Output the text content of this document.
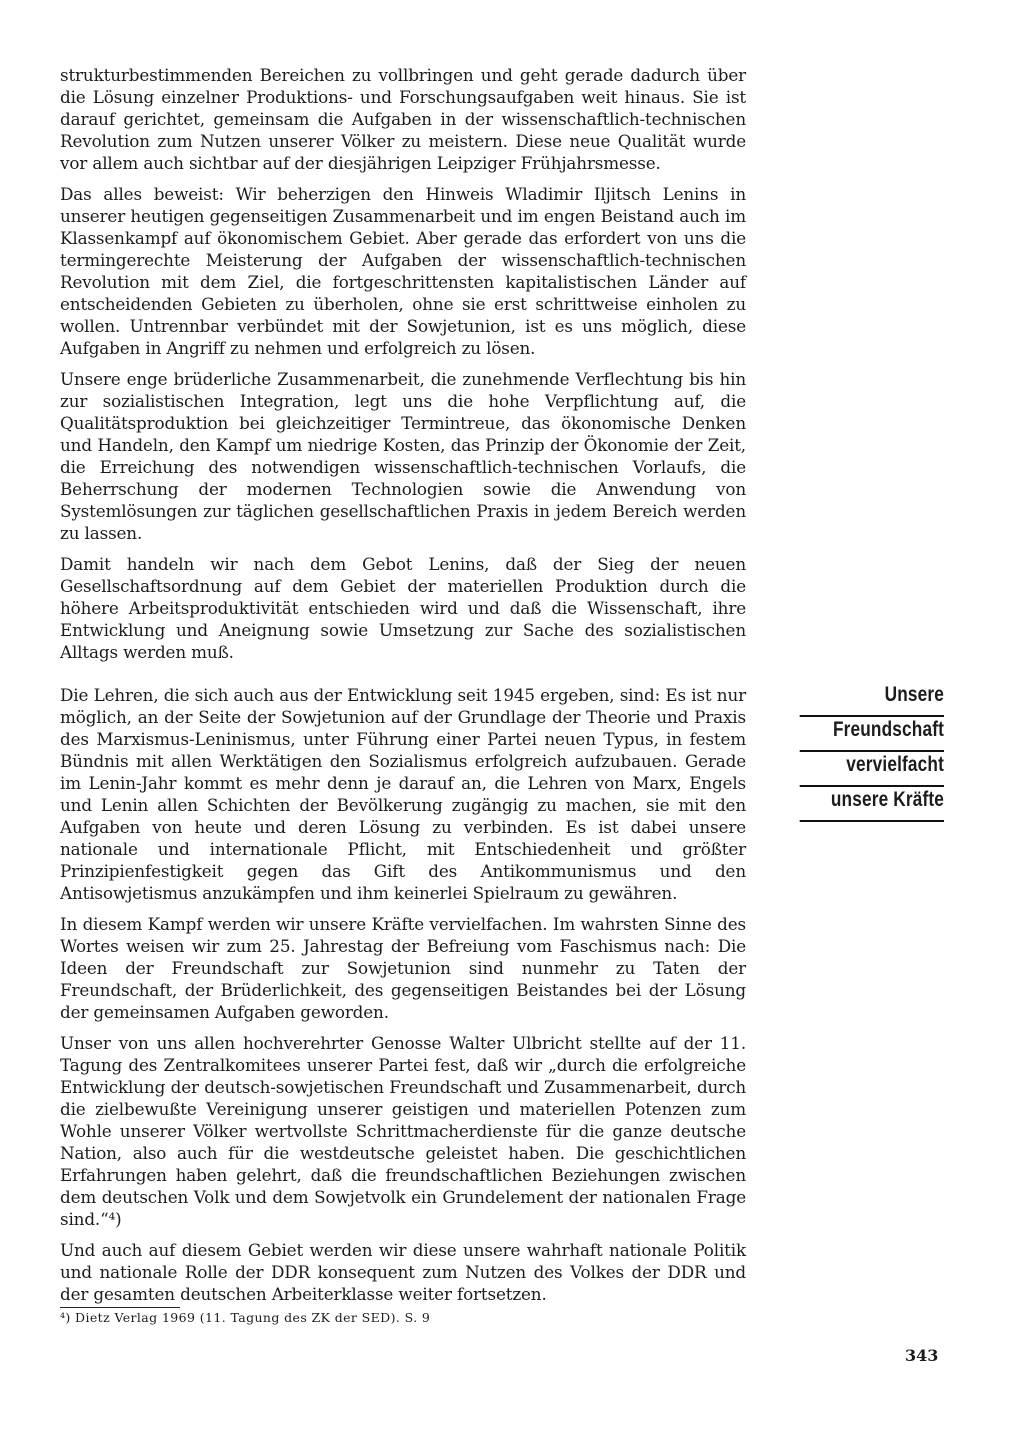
strukturbestimmenden Bereichen zu vollbringen und geht gerade dadurch über die Lösung einzelner Produktions- und Forschungsaufgaben weit hinaus. Sie ist darauf gerichtet, gemeinsam die Aufgaben in der wissenschaftlich-technischen Revolution zum Nutzen unserer Völker zu meistern. Diese neue Qualität wurde vor allem auch sichtbar auf der diesjährigen Leipziger Frühjahrsmesse.

Das alles beweist: Wir beherzigen den Hinweis Wladimir Iljitsch Lenins in unserer heutigen gegenseitigen Zusammenarbeit und im engen Beistand auch im Klassenkampf auf ökonomischem Gebiet. Aber gerade das erfordert von uns die termingerechte Meisterung der Aufgaben der wissenschaftlich-technischen Revolution mit dem Ziel, die fortgeschrittensten kapitalistischen Länder auf entscheidenden Gebieten zu überholen, ohne sie erst schrittweise einholen zu wollen. Untrennbar verbündet mit der Sowjetunion, ist es uns möglich, diese Aufgaben in Angriff zu nehmen und erfolgreich zu lösen.

Unsere enge brüderliche Zusammenarbeit, die zunehmende Verflechtung bis hin zur sozialistischen Integration, legt uns die hohe Verpflichtung auf, die Qualitätsproduktion bei gleichzeitiger Termintreue, das ökonomische Denken und Handeln, den Kampf um niedrige Kosten, das Prinzip der Ökonomie der Zeit, die Erreichung des notwendigen wissenschaftlich-technischen Vorlaufs, die Beherrschung der modernen Technologien sowie die Anwendung von Systemlösungen zur täglichen gesellschaftlichen Praxis in jedem Bereich werden zu lassen.

Damit handeln wir nach dem Gebot Lenins, daß der Sieg der neuen Gesellschaftsordnung auf dem Gebiet der materiellen Produktion durch die höhere Arbeitsproduktivität entschieden wird und daß die Wissenschaft, ihre Entwicklung und Aneignung sowie Umsetzung zur Sache des sozialistischen Alltags werden muß.

Die Lehren, die sich auch aus der Entwicklung seit 1945 ergeben, sind: Es ist nur möglich, an der Seite der Sowjetunion auf der Grundlage der Theorie und Praxis des Marxismus-Leninismus, unter Führung einer Partei neuen Typus, in festem Bündnis mit allen Werktätigen den Sozialismus erfolgreich aufzubauen. Gerade im Lenin-Jahr kommt es mehr denn je darauf an, die Lehren von Marx, Engels und Lenin allen Schichten der Bevölkerung zugängig zu machen, sie mit den Aufgaben von heute und deren Lösung zu verbinden. Es ist dabei unsere nationale und internationale Pflicht, mit Entschiedenheit und größter Prinzipienfestigkeit gegen das Gift des Antikommunismus und den Antisowjetismus anzukämpfen und ihm keinerlei Spielraum zu gewähren.

In diesem Kampf werden wir unsere Kräfte vervielfachen. Im wahrsten Sinne des Wortes weisen wir zum 25. Jahrestag der Befreiung vom Faschismus nach: Die Ideen der Freundschaft zur Sowjetunion sind nunmehr zu Taten der Freundschaft, der Brüderlichkeit, des gegenseitigen Beistandes bei der Lösung der gemeinsamen Aufgaben geworden.

Unser von uns allen hochverehrter Genosse Walter Ulbricht stellte auf der 11. Tagung des Zentralkomitees unserer Partei fest, daß wir „durch die erfolgreiche Entwicklung der deutsch-sowjetischen Freundschaft und Zusammenarbeit, durch die zielbewußte Vereinigung unserer geistigen und materiellen Potenzen zum Wohle unserer Völker wertvollste Schrittmacherdienste für die ganze deutsche Nation, also auch für die westdeutsche geleistet haben. Die geschichtlichen Erfahrungen haben gelehrt, daß die freundschaftlichen Beziehungen zwischen dem deutschen Volk und dem Sowjetvolk ein Grundelement der nationalen Frage sind.“⁴)

Und auch auf diesem Gebiet werden wir diese unsere wahrhaft nationale Politik und nationale Rolle der DDR konsequent zum Nutzen des Volkes der DDR und der gesamten deutschen Arbeiterklasse weiter fortsetzen.

Unsere
Freundschaft
vervielfacht
unsere Kräfte
⁴) Dietz Verlag 1969 (11. Tagung des ZK der SED). S. 9
343
